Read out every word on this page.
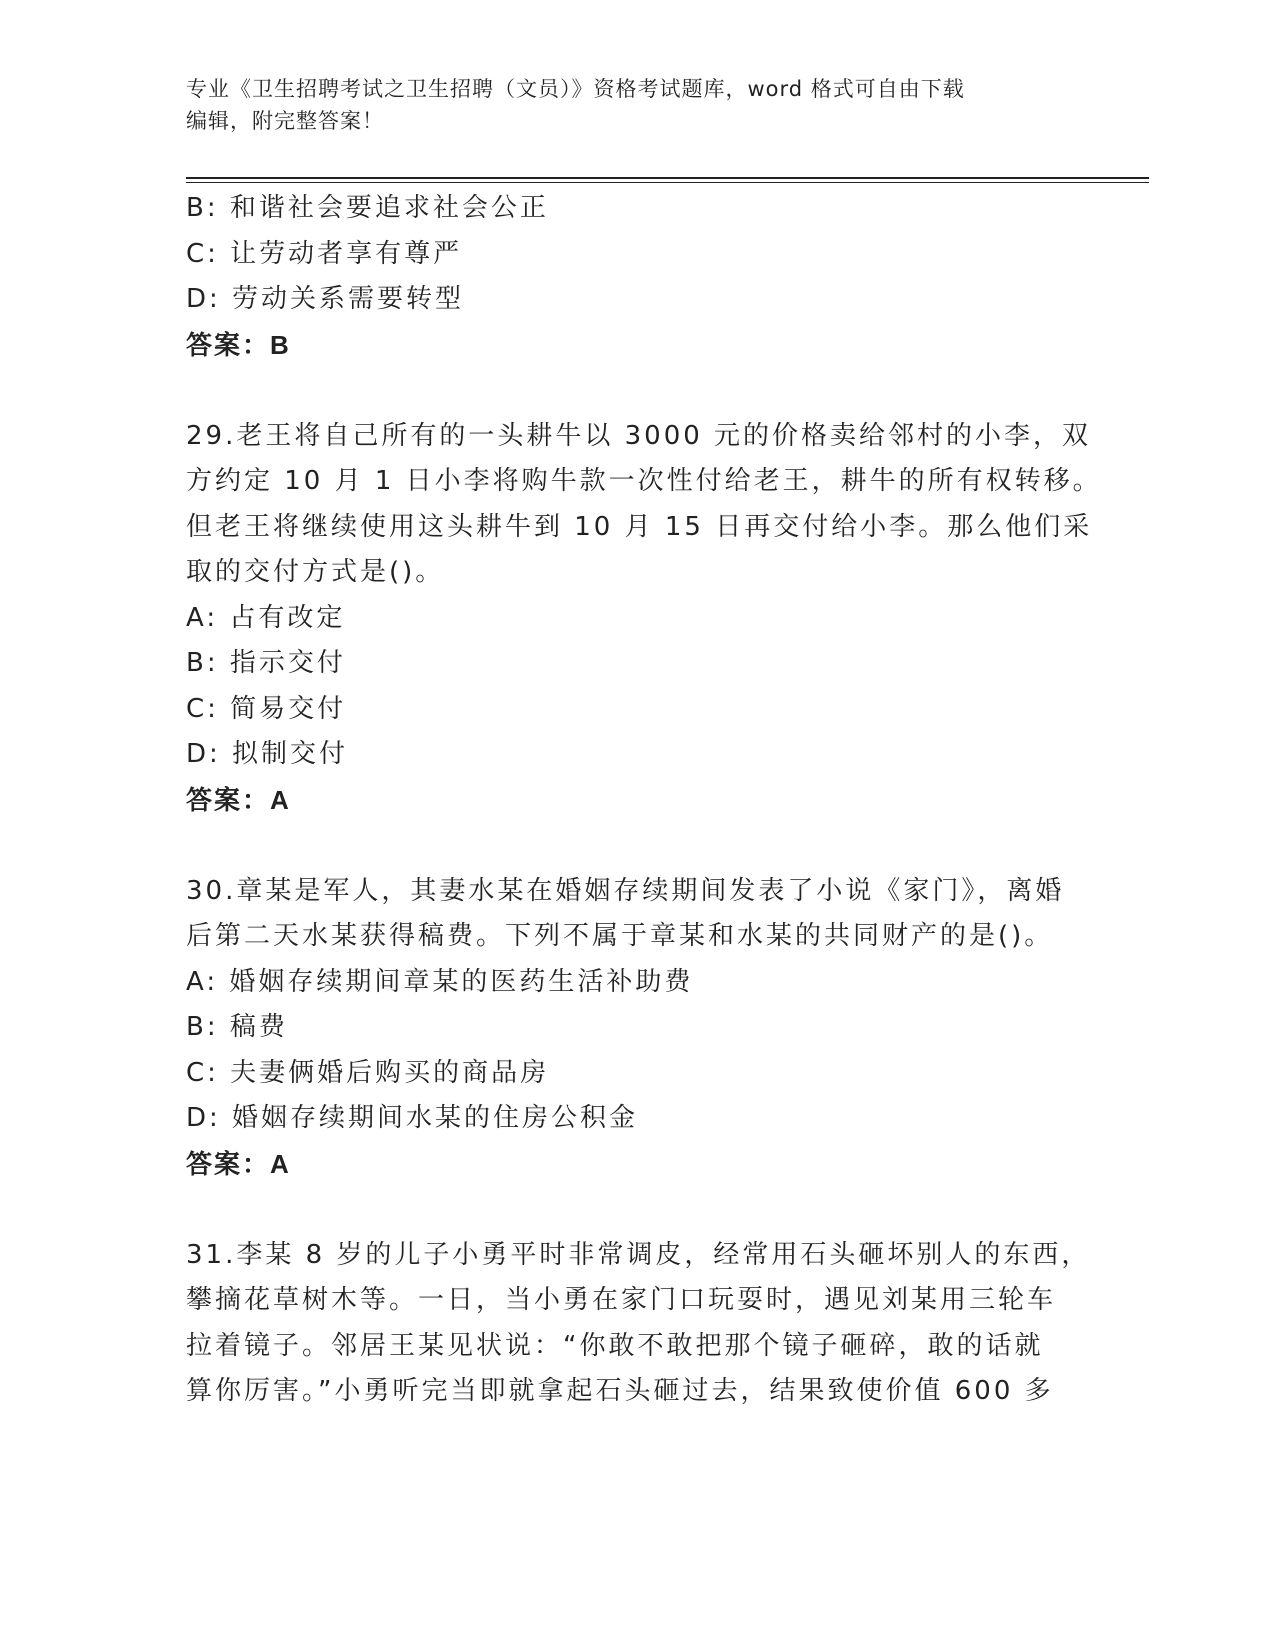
专业《卫生招聘考试之卫生招聘（文员）》资格考试题库，word 格式可自由下载
编辑，附完整答案！
B: 和谐社会要追求社会公正
C: 让劳动者享有尊严
D: 劳动关系需要转型
答案：B
29.老王将自己所有的一头耕牛以 3000 元的价格卖给邻村的小李，双
方约定 10 月 1 日小李将购牛款一次性付给老王，耕牛的所有权转移。
但老王将继续使用这头耕牛到 10 月 15 日再交付给小李。那么他们采
取的交付方式是()。
A: 占有改定
B: 指示交付
C: 简易交付
D: 拟制交付
答案：A
30.章某是军人，其妻水某在婚姻存续期间发表了小说《家门》，离婚
后第二天水某获得稿费。下列不属于章某和水某的共同财产的是()。
A: 婚姻存续期间章某的医药生活补助费
B: 稿费
C: 夫妻俩婚后购买的商品房
D: 婚姻存续期间水某的住房公积金
答案：A
31.李某 8 岁的儿子小勇平时非常调皮，经常用石头砸坏别人的东西，
攀摘花草树木等。一日，当小勇在家门口玩耍时，遇见刘某用三轮车
拉着镜子。邻居王某见状说：“你敢不敢把那个镜子砸碎，敢的话就
算你厉害。”小勇听完当即就拿起石头砸过去，结果致使价值 600 多
